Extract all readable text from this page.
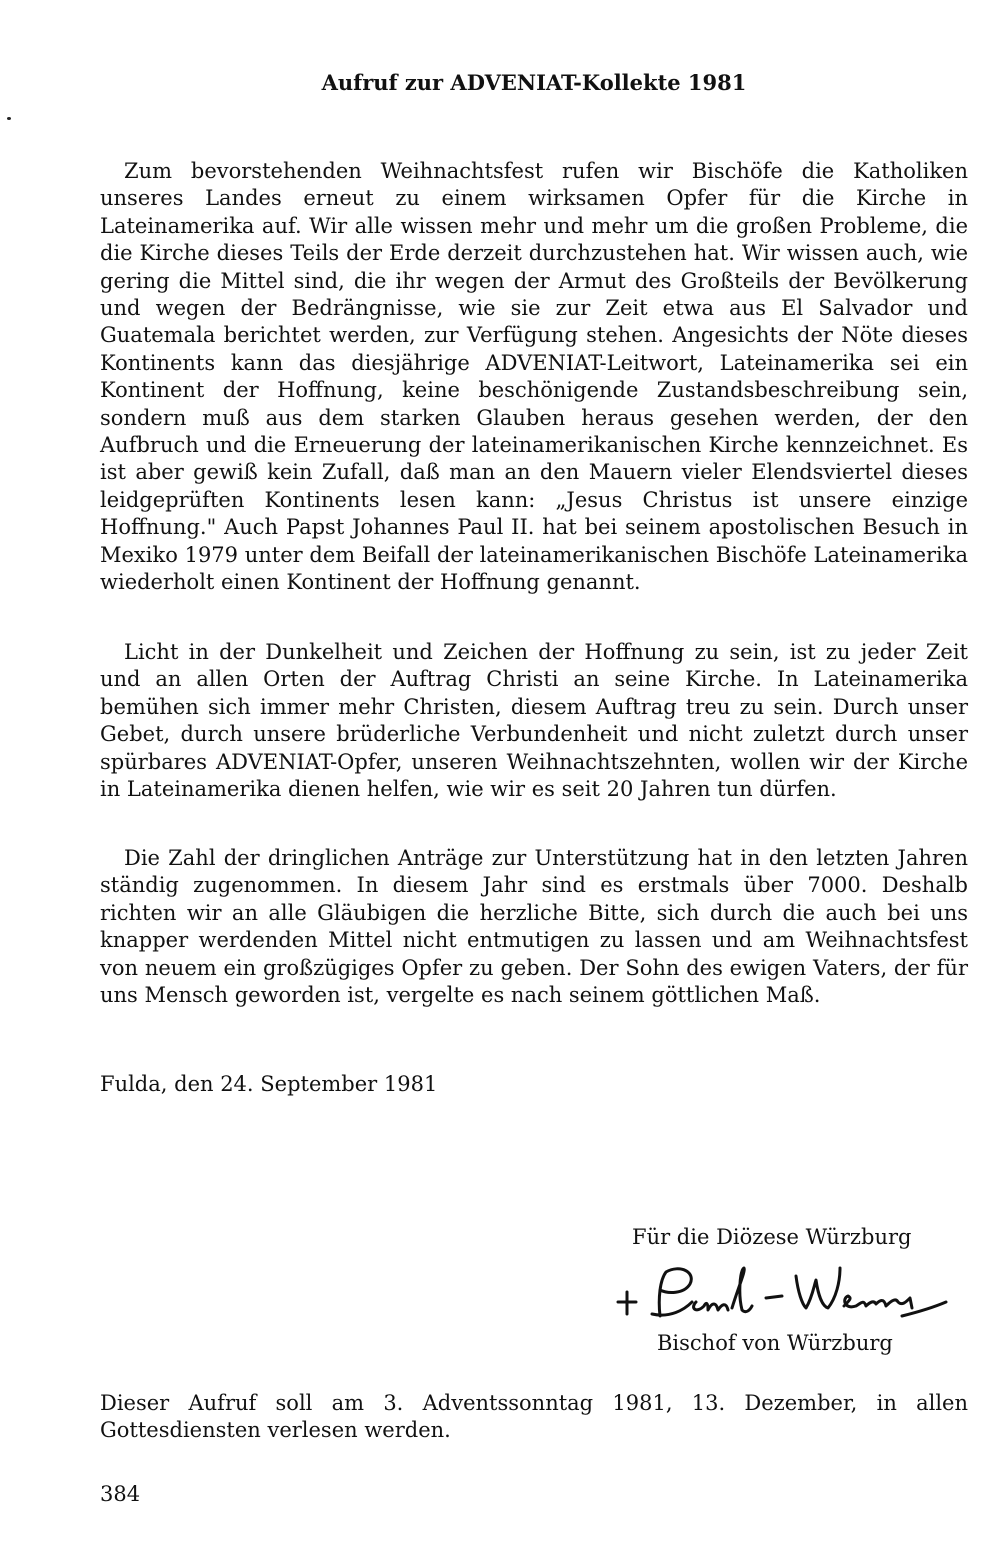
Aufruf zur ADVENIAT-Kollekte 1981

Zum bevorstehenden Weihnachtsfest rufen wir Bischöfe die Katholiken unseres Landes erneut zu einem wirksamen Opfer für die Kirche in Lateinamerika auf. Wir alle wissen mehr und mehr um die großen Probleme, die die Kirche dieses Teils der Erde derzeit durchzustehen hat. Wir wissen auch, wie gering die Mittel sind, die ihr wegen der Armut des Großteils der Bevölkerung und wegen der Bedrängnisse, wie sie zur Zeit etwa aus El Salvador und Guatemala berichtet werden, zur Verfügung stehen. Angesichts der Nöte dieses Kontinents kann das diesjährige ADVENIAT-Leitwort, Lateinamerika sei ein Kontinent der Hoffnung, keine beschönigende Zustandsbeschreibung sein, sondern muß aus dem starken Glauben heraus gesehen werden, der den Aufbruch und die Erneuerung der lateinamerikanischen Kirche kennzeichnet. Es ist aber gewiß kein Zufall, daß man an den Mauern vieler Elendsviertel dieses leidgeprüften Kontinents lesen kann: „Jesus Christus ist unsere einzige Hoffnung." Auch Papst Johannes Paul II. hat bei seinem apostolischen Besuch in Mexiko 1979 unter dem Beifall der lateinamerikanischen Bischöfe Lateinamerika wiederholt einen Kontinent der Hoffnung genannt.

Licht in der Dunkelheit und Zeichen der Hoffnung zu sein, ist zu jeder Zeit und an allen Orten der Auftrag Christi an seine Kirche. In Lateinamerika bemühen sich immer mehr Christen, diesem Auftrag treu zu sein. Durch unser Gebet, durch unsere brüderliche Verbundenheit und nicht zuletzt durch unser spürbares ADVENIAT-Opfer, unseren Weihnachtszehnten, wollen wir der Kirche in Lateinamerika dienen helfen, wie wir es seit 20 Jahren tun dürfen.

Die Zahl der dringlichen Anträge zur Unterstützung hat in den letzten Jahren ständig zugenommen. In diesem Jahr sind es erstmals über 7000. Deshalb richten wir an alle Gläubigen die herzliche Bitte, sich durch die auch bei uns knapper werdenden Mittel nicht entmutigen zu lassen und am Weihnachtsfest von neuem ein großzügiges Opfer zu geben. Der Sohn des ewigen Vaters, der für uns Mensch geworden ist, vergelte es nach seinem göttlichen Maß.

Fulda, den 24. September 1981
Für die Diözese Würzburg
Bischof von Würzburg
Dieser Aufruf soll am 3. Adventssonntag 1981, 13. Dezember, in allen Gottesdiensten verlesen werden.
384
